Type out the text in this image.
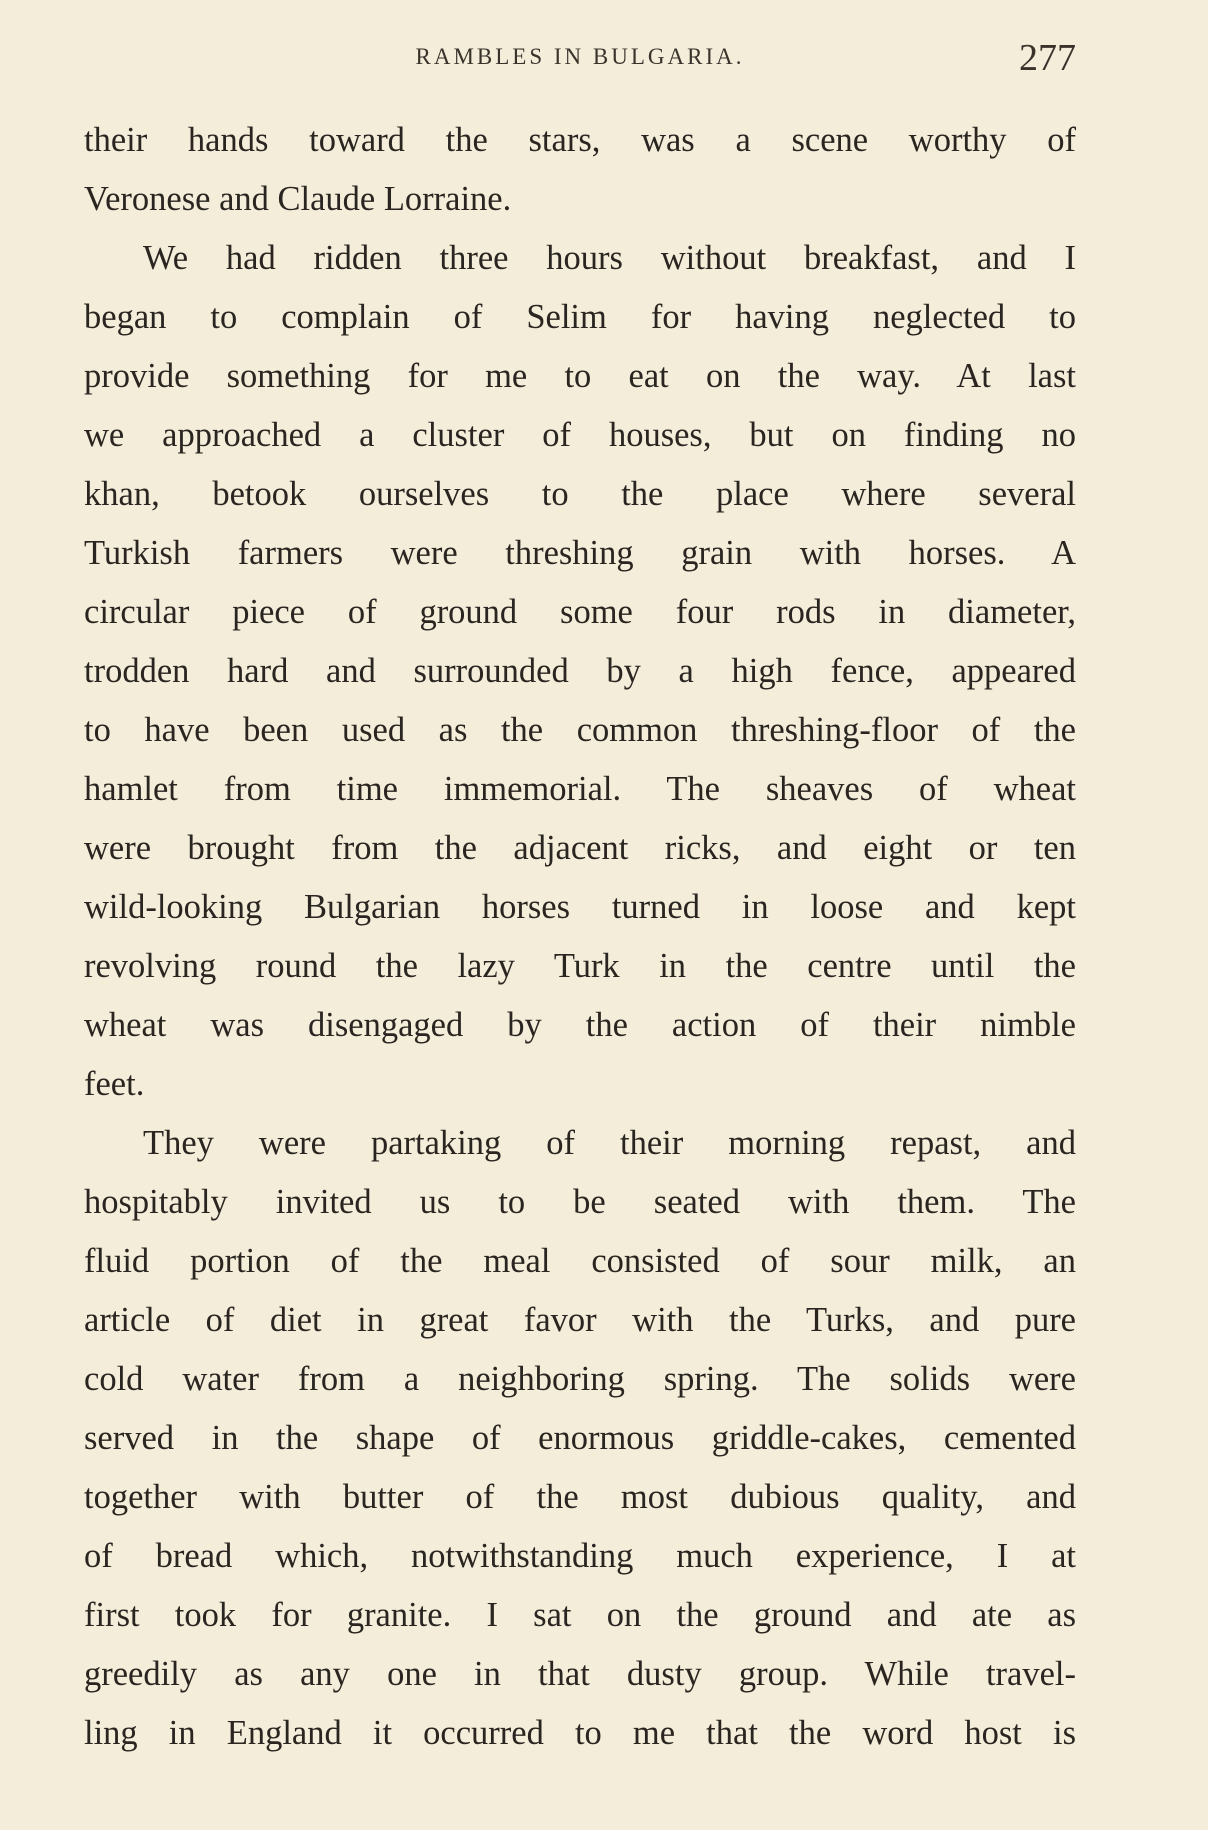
RAMBLES IN BULGARIA.	277
their hands toward the stars, was a scene worthy of
Veronese and Claude Lorraine.
We had ridden three hours without breakfast, and I
began to complain of Selim for having neglected to
provide something for me to eat on the way. At last
we approached a cluster of houses, but on finding no
khan, betook ourselves to the place where several
Turkish farmers were threshing grain with horses. A
circular piece of ground some four rods in diameter,
trodden hard and surrounded by a high fence, appeared
to have been used as the common threshing-floor of the
hamlet from time immemorial. The sheaves of wheat
were brought from the adjacent ricks, and eight or ten
wild-looking Bulgarian horses turned in loose and kept
revolving round the lazy Turk in the centre until the
wheat was disengaged by the action of their nimble
feet.
They were partaking of their morning repast, and
hospitably invited us to be seated with them. The
fluid portion of the meal consisted of sour milk, an
article of diet in great favor with the Turks, and pure
cold water from a neighboring spring. The solids were
served in the shape of enormous griddle-cakes, cemented
together with butter of the most dubious quality, and
of bread which, notwithstanding much experience, I at
first took for granite. I sat on the ground and ate as
greedily as any one in that dusty group. While travel-
ling in England it occurred to me that the word host is
